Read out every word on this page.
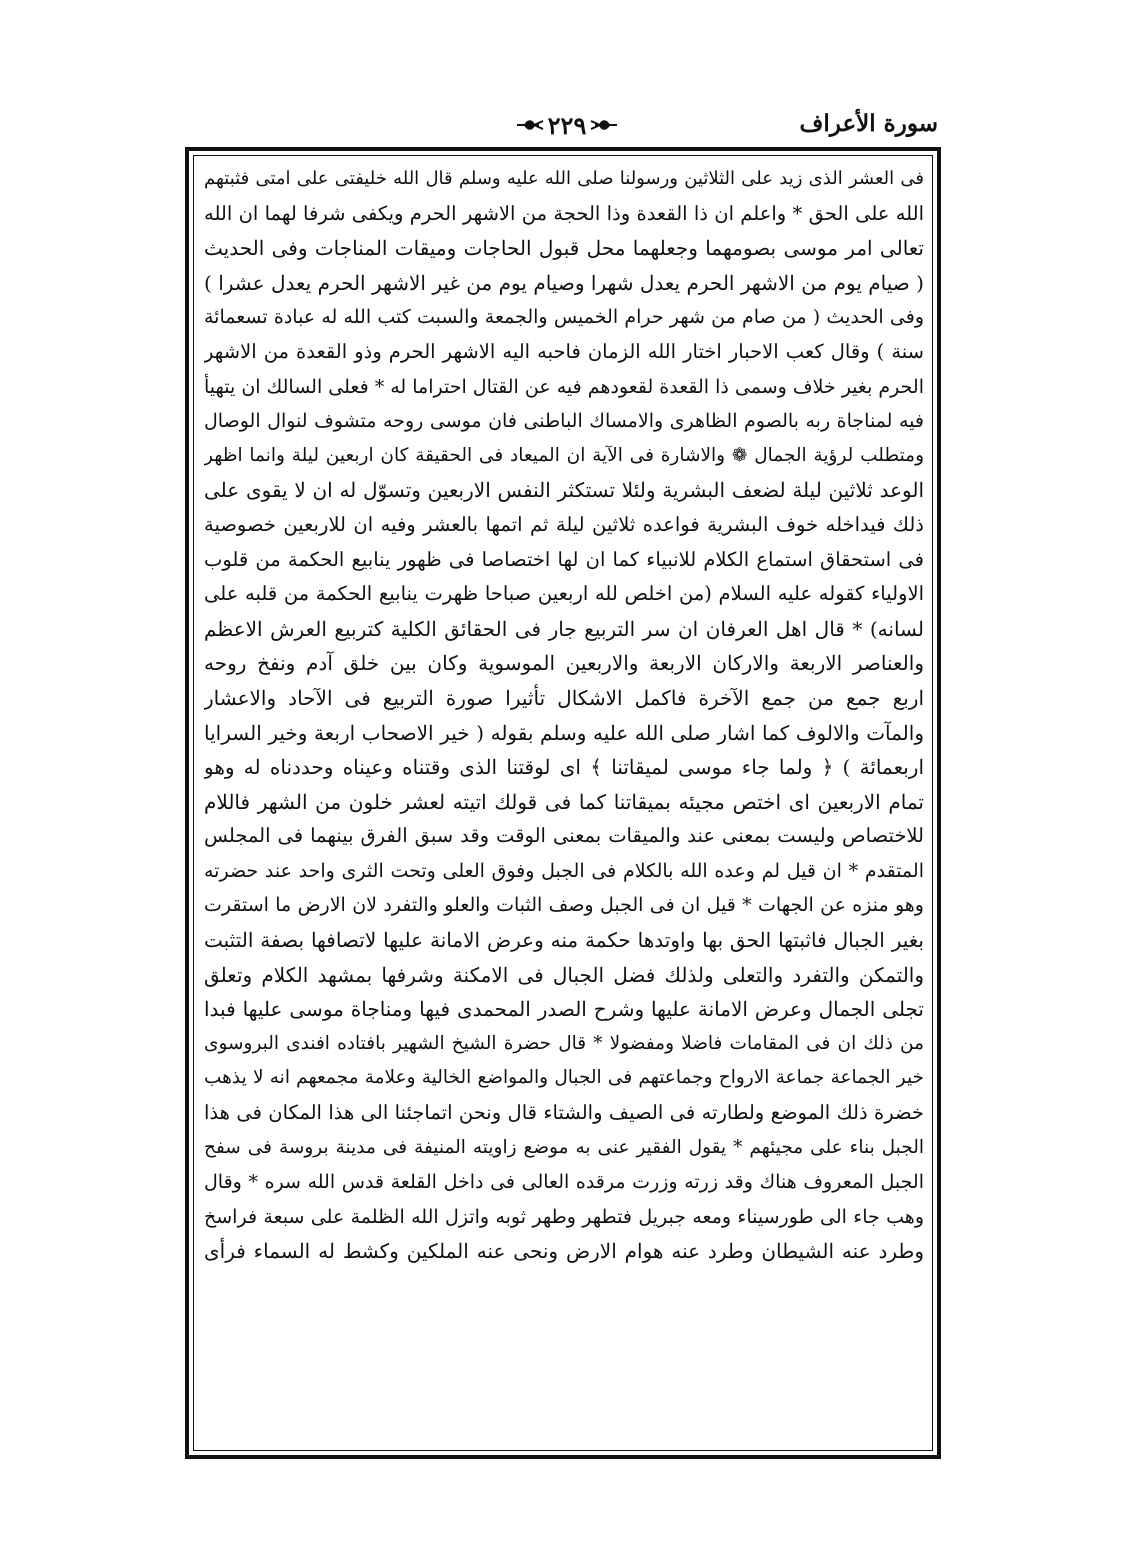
سورة الأعراف
٢٢٩
فى العشر الذى زيد على الثلاثين ورسولنا صلى الله عليه وسلم قال الله خليفتى على امتى فثبتهم
الله على الحق * واعلم ان ذا القعدة وذا الحجة من الاشهر الحرم ويكفى شرفا لهما ان الله
تعالى امر موسى بصومهما وجعلهما محل قبول الحاجات وميقات المناجات وفى الحديث
( صيام يوم من الاشهر الحرم يعدل شهرا وصيام يوم من غير الاشهر الحرم يعدل عشرا )
وفى الحديث ( من صام من شهر حرام الخميس والجمعة والسبت كتب الله له عبادة تسعمائة
سنة ) وقال كعب الاحبار اختار الله الزمان فاحبه اليه الاشهر الحرم وذو القعدة من الاشهر
الحرم بغير خلاف وسمى ذا القعدة لقعودهم فيه عن القتال احتراما له * فعلى السالك ان يتهيأ
فيه لمناجاة ربه بالصوم الظاهرى والامساك الباطنى فان موسى روحه متشوف لنوال الوصال
ومتطلب لرؤية الجمال ❁ والاشارة فى الآية ان الميعاد فى الحقيقة كان اربعين ليلة وانما اظهر
الوعد ثلاثين ليلة لضعف البشرية ولئلا تستكثر النفس الاربعين وتسوّل له ان لا يقوى على
ذلك فيداخله خوف البشرية فواعده ثلاثين ليلة ثم اتمها بالعشر وفيه ان للاربعين خصوصية
فى استحقاق استماع الكلام للانبياء كما ان لها اختصاصا فى ظهور ينابيع الحكمة من قلوب
الاولياء كقوله عليه السلام (من اخلص لله اربعين صباحا ظهرت ينابيع الحكمة من قلبه على
لسانه) * قال اهل العرفان ان سر التربيع جار فى الحقائق الكلية كتربيع العرش الاعظم
والعناصر الاربعة والاركان الاربعة والاربعين الموسوية وكان بين خلق آدم ونفخ روحه
اربع جمع من جمع الآخرة فاكمل الاشكال تأثيرا صورة التربيع فى الآحاد والاعشار
والمآت والالوف كما اشار صلى الله عليه وسلم بقوله ( خير الاصحاب اربعة وخير السرايا
اربعمائة ) ﴿ ولما جاء موسى لميقاتنا ﴾ اى لوقتنا الذى وقتناه وعيناه وحددناه له وهو
تمام الاربعين اى اختص مجيئه بميقاتنا كما فى قولك اتيته لعشر خلون من الشهر فاللام
للاختصاص وليست بمعنى عند والميقات بمعنى الوقت وقد سبق الفرق بينهما فى المجلس
المتقدم * ان قيل لم وعده الله بالكلام فى الجبل وفوق العلى وتحت الثرى واحد عند حضرته
وهو منزه عن الجهات * قيل ان فى الجبل وصف الثبات والعلو والتفرد لان الارض ما استقرت
بغير الجبال فاثبتها الحق بها واوتدها حكمة منه وعرض الامانة عليها لاتصافها بصفة التثبت
والتمكن والتفرد والتعلى ولذلك فضل الجبال فى الامكنة وشرفها بمشهد الكلام وتعلق
تجلى الجمال وعرض الامانة عليها وشرح الصدر المحمدى فيها ومناجاة موسى عليها فبدا
من ذلك ان فى المقامات فاضلا ومفضولا * قال حضرة الشيخ الشهير بافتاده افندى البروسوى
خير الجماعة جماعة الارواح وجماعتهم فى الجبال والمواضع الخالية وعلامة مجمعهم انه لا يذهب
خضرة ذلك الموضع ولطارته فى الصيف والشتاء قال ونحن اتماجئنا الى هذا المكان فى هذا
الجبل بناء على مجيئهم * يقول الفقير عنى به موضع زاويته المنيفة فى مدينة بروسة فى سفح
الجبل المعروف هناك وقد زرته وزرت مرقده العالى فى داخل القلعة قدس الله سره * وقال
وهب جاء الى طورسيناء ومعه جبريل فتطهر وطهر ثوبه واتزل الله الظلمة على سبعة فراسخ
وطرد عنه الشيطان وطرد عنه هوام الارض ونحى عنه الملكين وكشط له السماء فرأى
